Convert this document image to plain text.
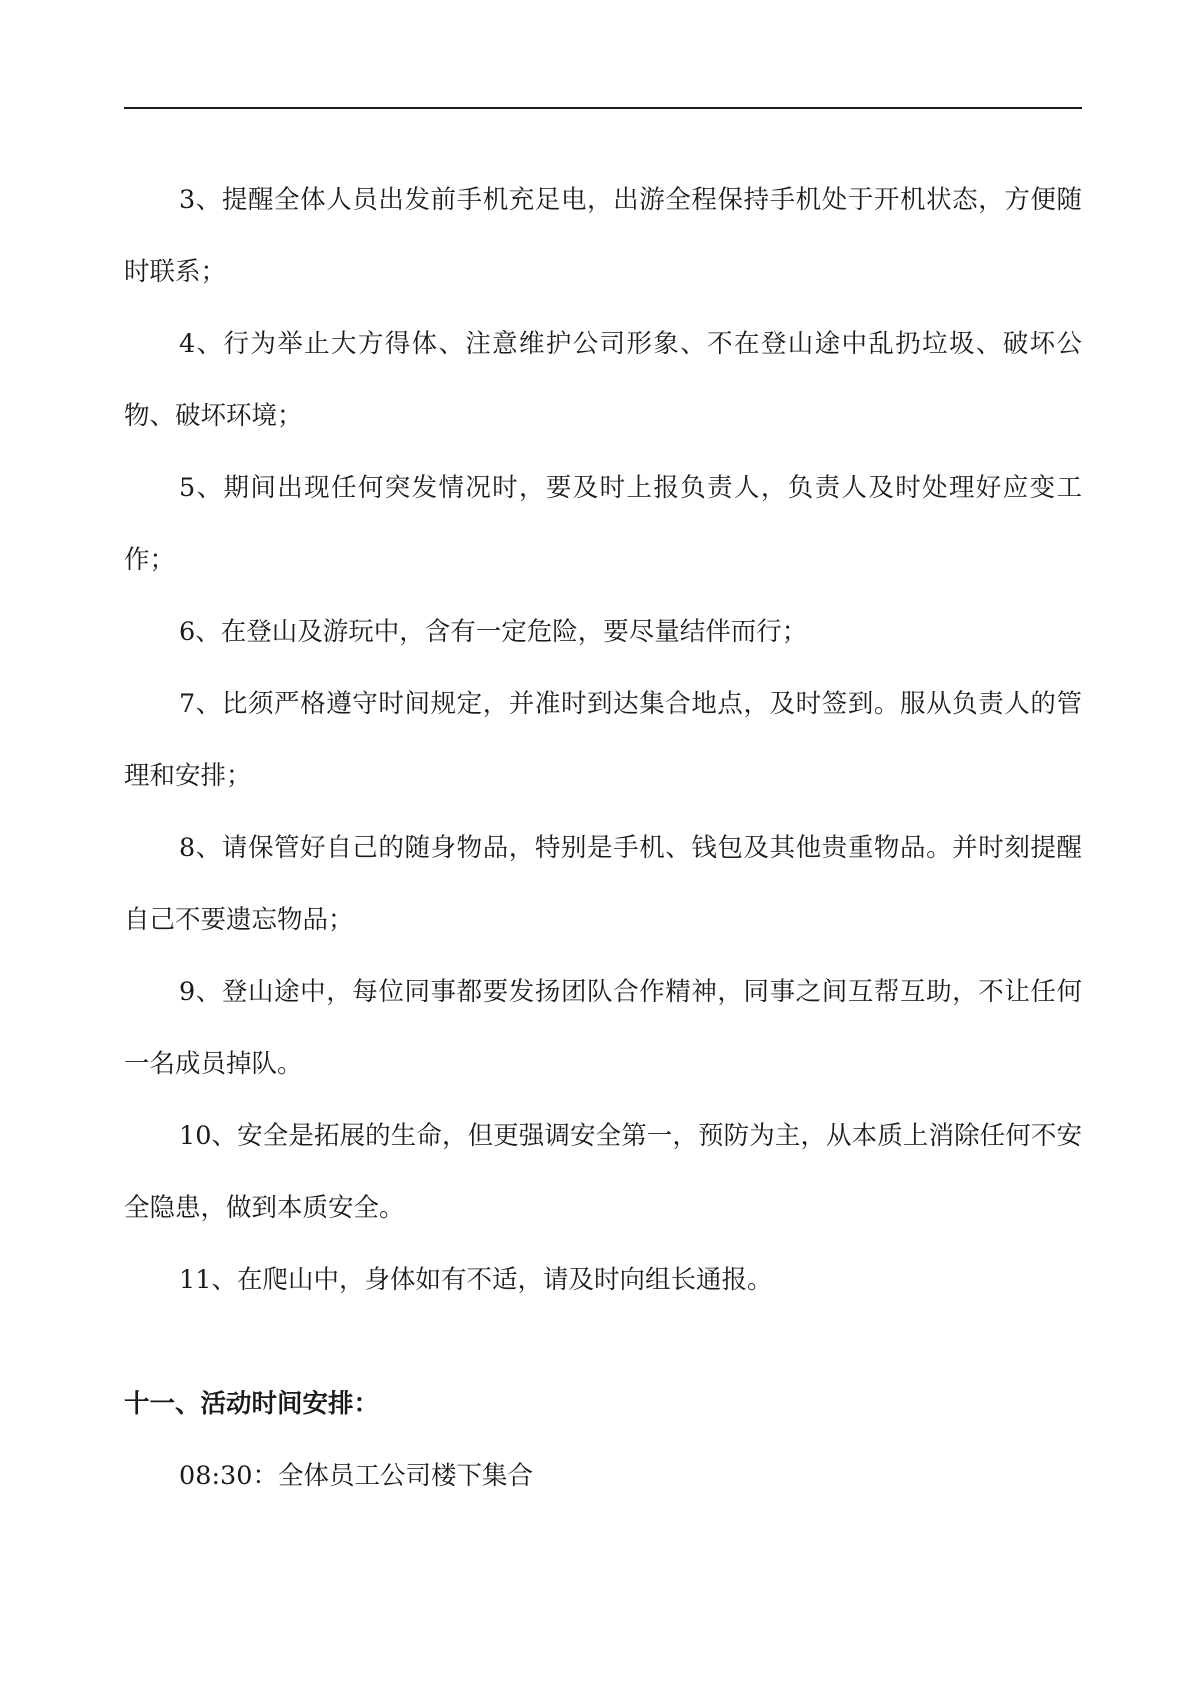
3、提醒全体人员出发前手机充足电，出游全程保持手机处于开机状态，方便随时联系；

4、行为举止大方得体、注意维护公司形象、不在登山途中乱扔垃圾、破坏公物、破坏环境；

5、期间出现任何突发情况时，要及时上报负责人，负责人及时处理好应变工作；

6、在登山及游玩中，含有一定危险，要尽量结伴而行；

7、比须严格遵守时间规定，并准时到达集合地点，及时签到。服从负责人的管理和安排；

8、请保管好自己的随身物品，特别是手机、钱包及其他贵重物品。并时刻提醒自己不要遗忘物品；

9、登山途中，每位同事都要发扬团队合作精神，同事之间互帮互助，不让任何一名成员掉队。

10、安全是拓展的生命，但更强调安全第一，预防为主，从本质上消除任何不安全隐患，做到本质安全。

11、在爬山中，身体如有不适，请及时向组长通报。

十一、活动时间安排：

08:30：全体员工公司楼下集合
